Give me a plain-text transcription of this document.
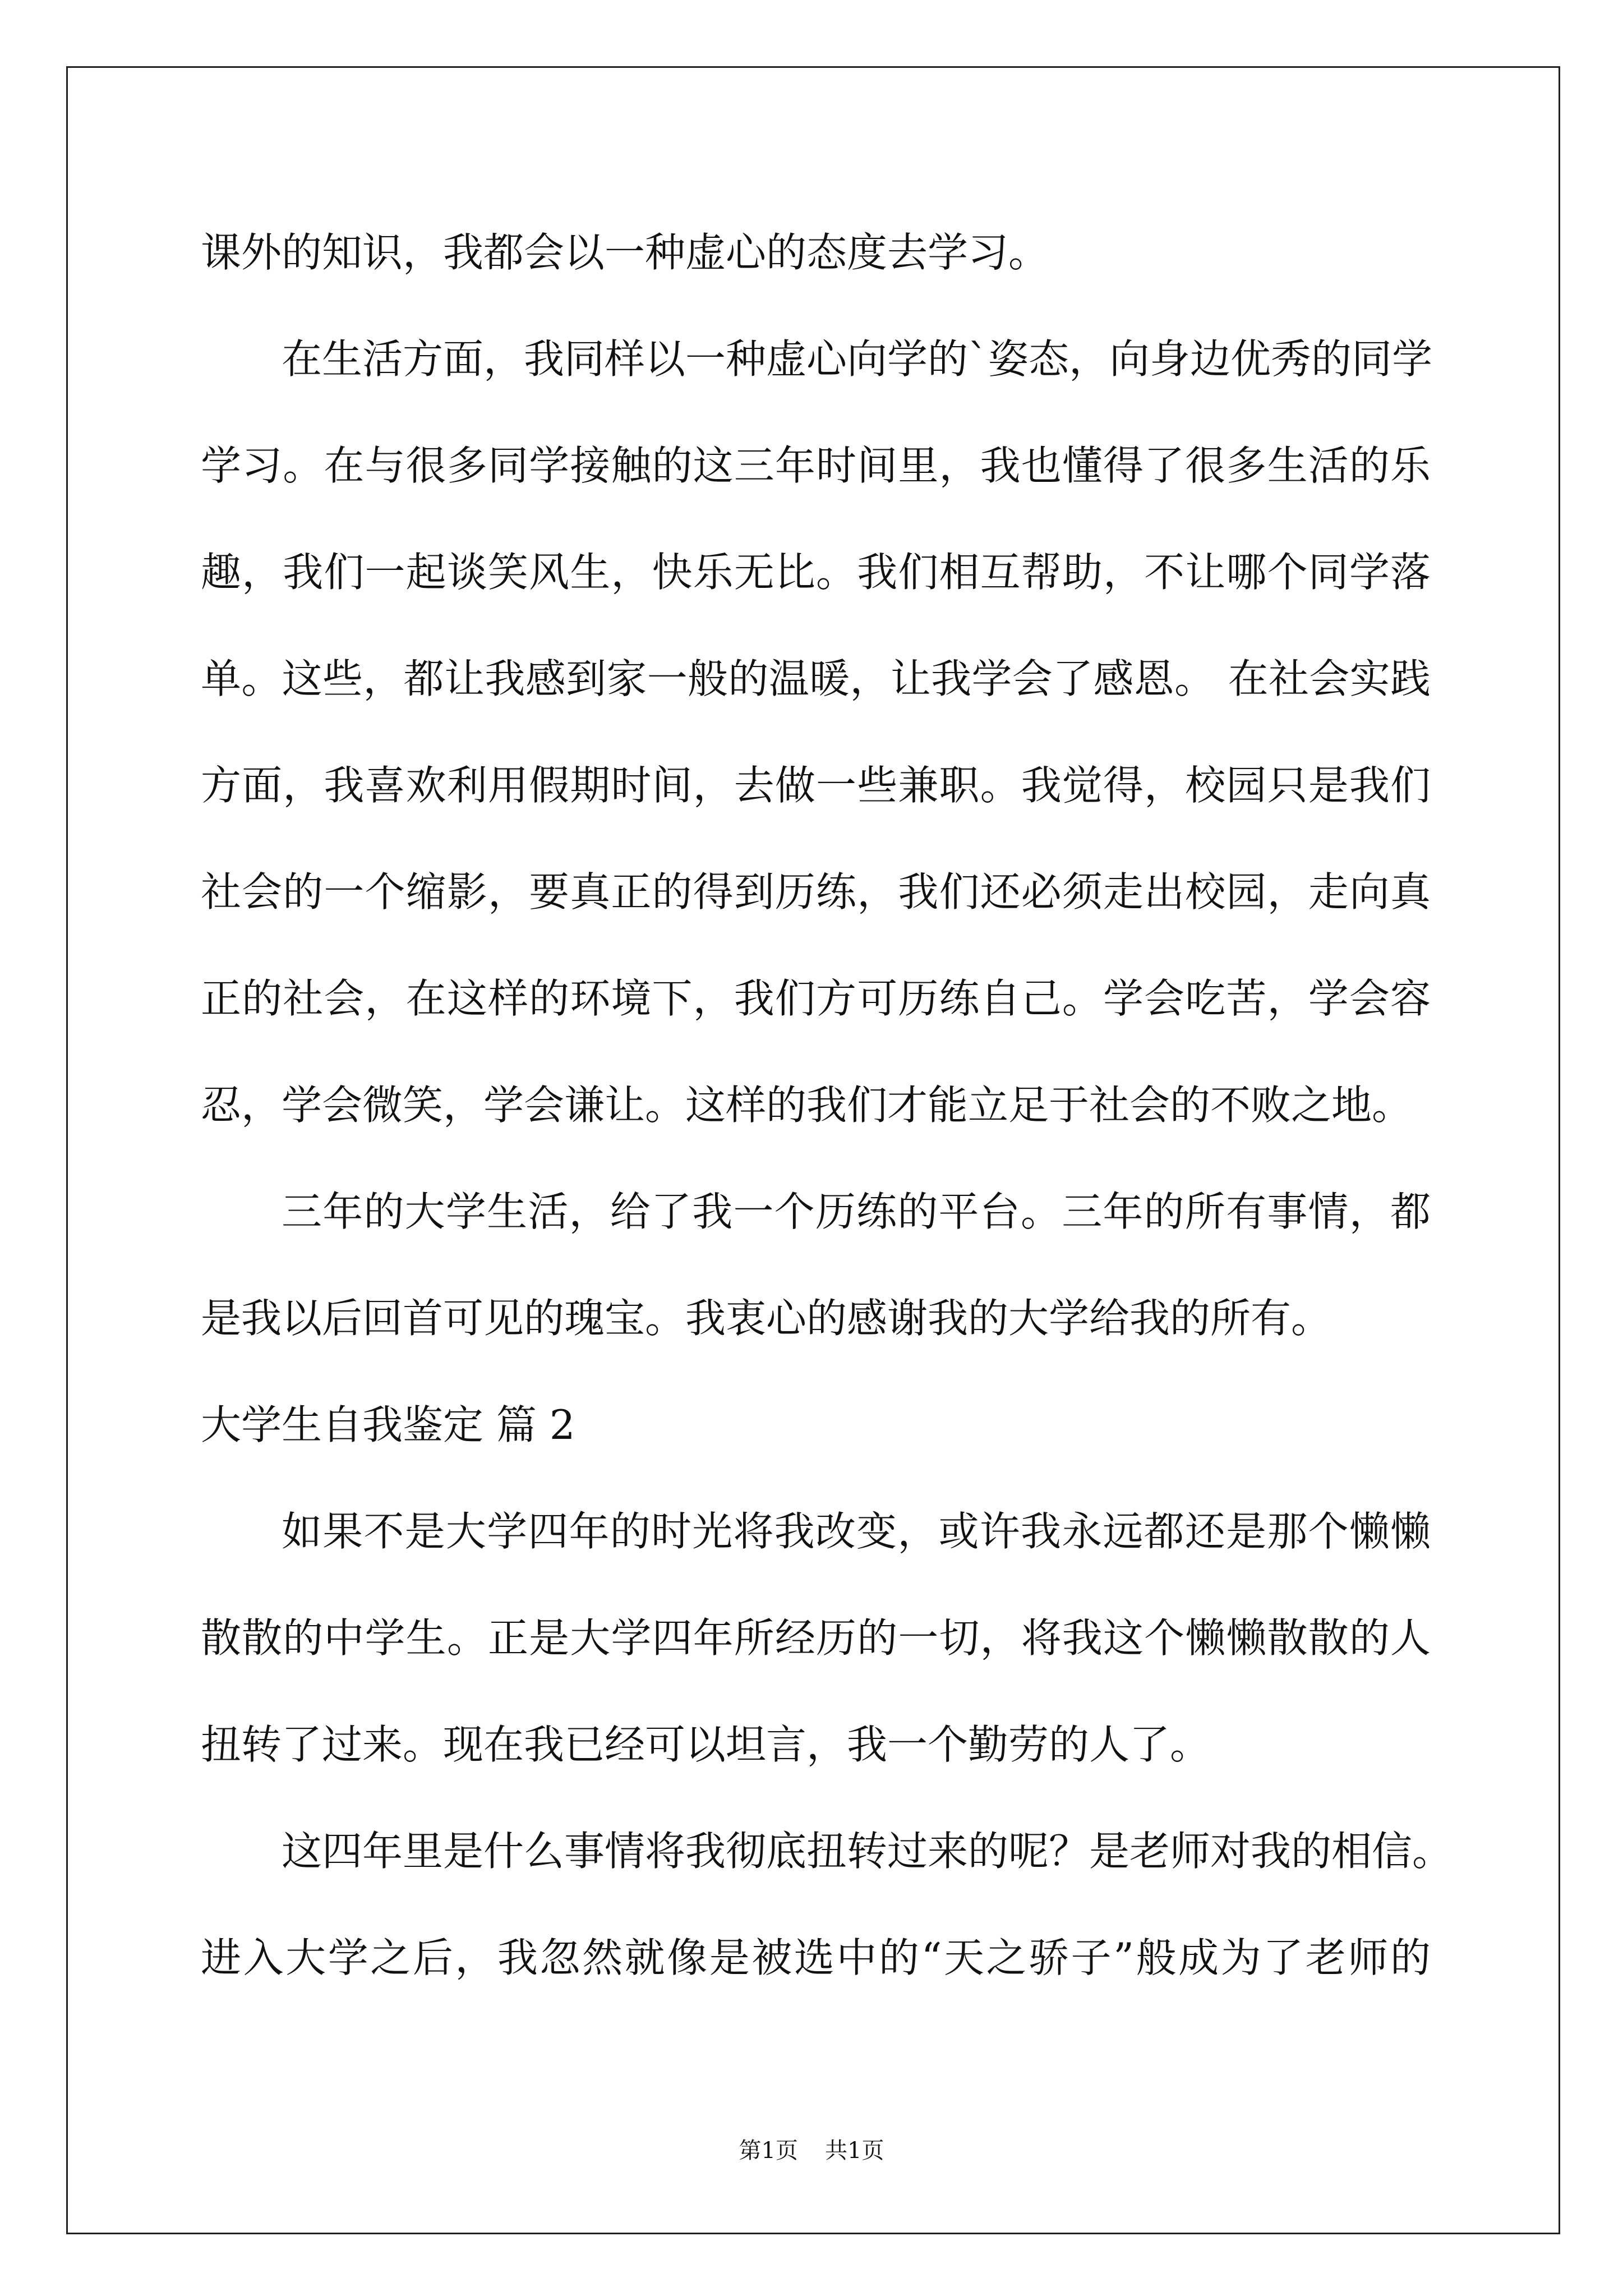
课外的知识，我都会以一种虚心的态度去学习。
在生活方面，我同样以一种虚心向学的`姿态，向身边优秀的同学
学习。在与很多同学接触的这三年时间里，我也懂得了很多生活的乐
趣，我们一起谈笑风生，快乐无比。我们相互帮助，不让哪个同学落
单。这些，都让我感到家一般的温暖，让我学会了感恩。 在社会实践
方面，我喜欢利用假期时间，去做一些兼职。我觉得，校园只是我们
社会的一个缩影，要真正的得到历练，我们还必须走出校园，走向真
正的社会，在这样的环境下，我们方可历练自己。学会吃苦，学会容
忍，学会微笑，学会谦让。这样的我们才能立足于社会的不败之地。
三年的大学生活，给了我一个历练的平台。三年的所有事情，都
是我以后回首可见的瑰宝。我衷心的感谢我的大学给我的所有。
大学生自我鉴定 篇 2
如果不是大学四年的时光将我改变，或许我永远都还是那个懒懒
散散的中学生。正是大学四年所经历的一切，将我这个懒懒散散的人
扭转了过来。现在我已经可以坦言，我一个勤劳的人了。
这四年里是什么事情将我彻底扭转过来的呢？是老师对我的相信。
进入大学之后，我忽然就像是被选中的“天之骄子”般成为了老师的
第1页 共1页
